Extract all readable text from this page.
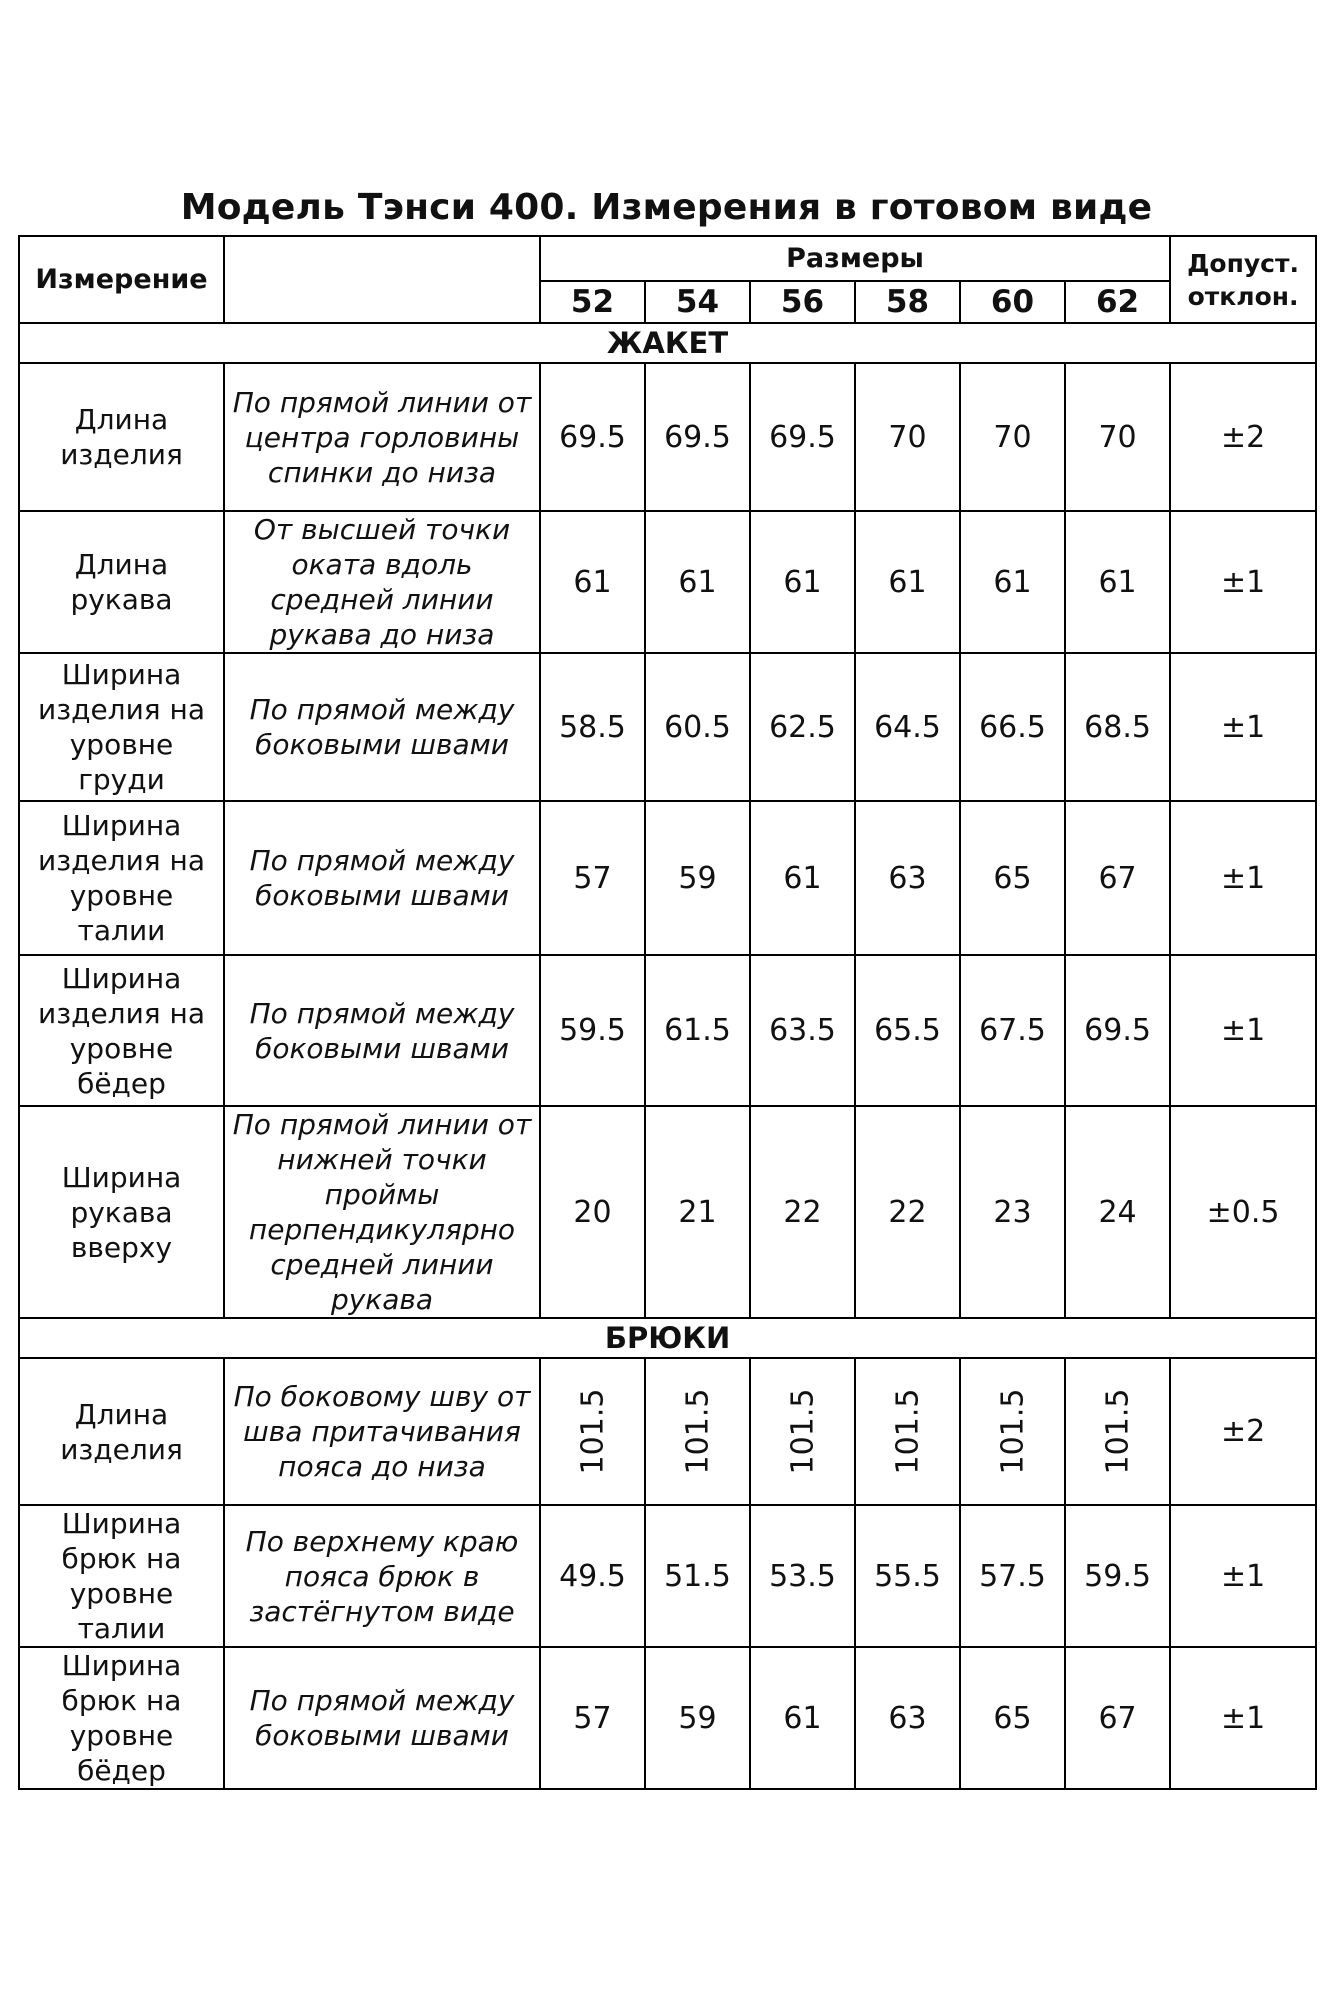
Модель Тэнси 400. Измерения в готовом виде
Измерение		Размеры						Допуст. отклон.
		52	54	56	58	60	62	
ЖАКЕТ								
Длина изделия	По прямой линии от центра горловины спинки до низа	69.5	69.5	69.5	70	70	70	±2
Длина рукава	От высшей точки оката вдоль средней линии рукава до низа	61	61	61	61	61	61	±1
Ширина изделия на уровне груди	По прямой между боковыми швами	58.5	60.5	62.5	64.5	66.5	68.5	±1
Ширина изделия на уровне талии	По прямой между боковыми швами	57	59	61	63	65	67	±1
Ширина изделия на уровне бёдер	По прямой между боковыми швами	59.5	61.5	63.5	65.5	67.5	69.5	±1
Ширина рукава вверху	По прямой линии от нижней точки проймы перпендикулярно средней линии рукава	20	21	22	22	23	24	±0.5
БРЮКИ								
Длина изделия	По боковому шву от шва притачивания пояса до низа	101.5	101.5	101.5	101.5	101.5	101.5	±2
Ширина брюк на уровне талии	По верхнему краю пояса брюк в застёгнутом виде	49.5	51.5	53.5	55.5	57.5	59.5	±1
Ширина брюк на уровне бёдер	По прямой между боковыми швами	57	59	61	63	65	67	±1
